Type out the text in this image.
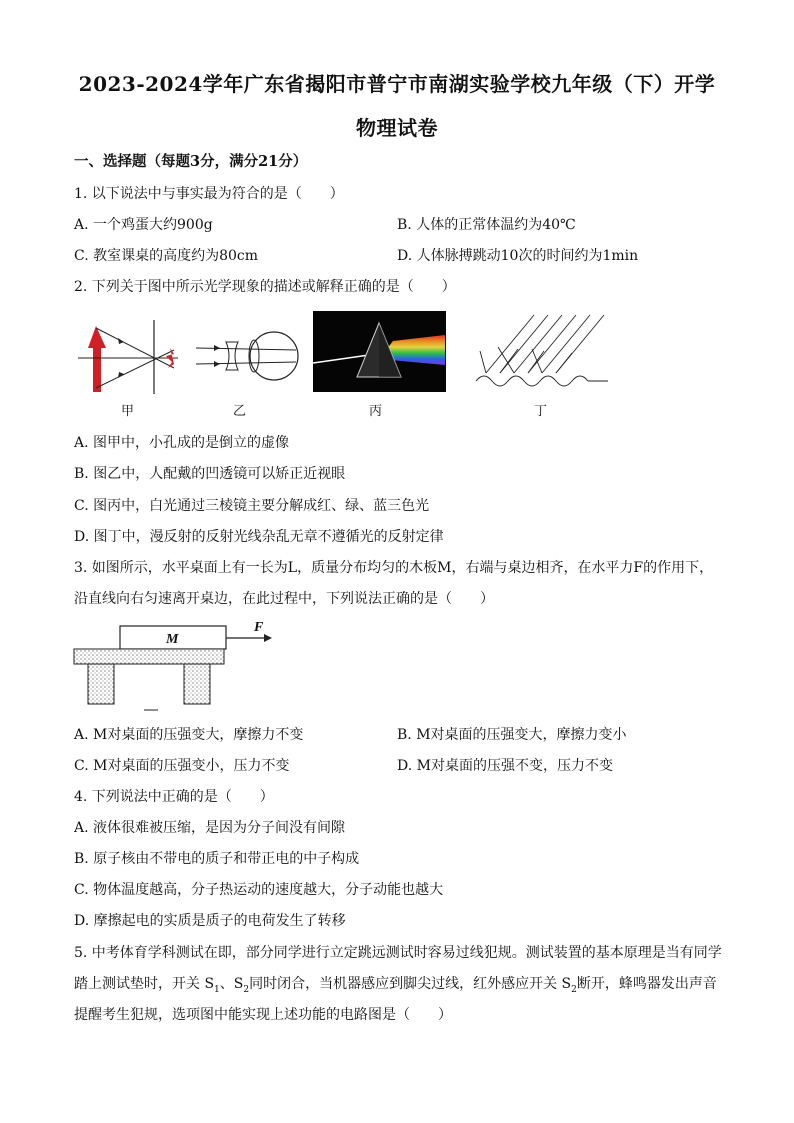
2023-2024学年广东省揭阳市普宁市南湖实验学校九年级（下）开学
物理试卷
一、选择题（每题3分，满分21分）
1. 以下说法中与事实最为符合的是（　　）
A. 一个鸡蛋大约900g	B. 人体的正常体温约为40℃
C. 教室课桌的高度约为80cm	D. 人体脉搏跳动10次的时间约为1min
2. 下列关于图中所示光学现象的描述或解释正确的是（　　）
甲	乙	丙	丁
A. 图甲中，小孔成的是倒立的虚像
B. 图乙中，人配戴的凹透镜可以矫正近视眼
C. 图丙中，白光通过三棱镜主要分解成红、绿、蓝三色光
D. 图丁中，漫反射的反射光线杂乱无章不遵循光的反射定律
3. 如图所示，水平桌面上有一长为L，质量分布均匀的木板M，右端与桌边相齐，在水平力F的作用下，
沿直线向右匀速离开桌边，在此过程中，下列说法正确的是（　　）
M
F
A. M对桌面的压强变大，摩擦力不变	B. M对桌面的压强变大，摩擦力变小
C. M对桌面的压强变小，压力不变	D. M对桌面的压强不变，压力不变
4. 下列说法中正确的是（　　）
A. 液体很难被压缩，是因为分子间没有间隙
B. 原子核由不带电的质子和带正电的中子构成
C. 物体温度越高，分子热运动的速度越大，分子动能也越大
D. 摩擦起电的实质是质子的电荷发生了转移
5. 中考体育学科测试在即，部分同学进行立定跳远测试时容易过线犯规。测试装置的基本原理是当有同学
踏上测试垫时，开关 $S_1$、$S_2$同时闭合，当机器感应到脚尖过线，红外感应开关 $S_2$断开，蜂鸣器发出声音
提醒考生犯规，选项图中能实现上述功能的电路图是（　　）
